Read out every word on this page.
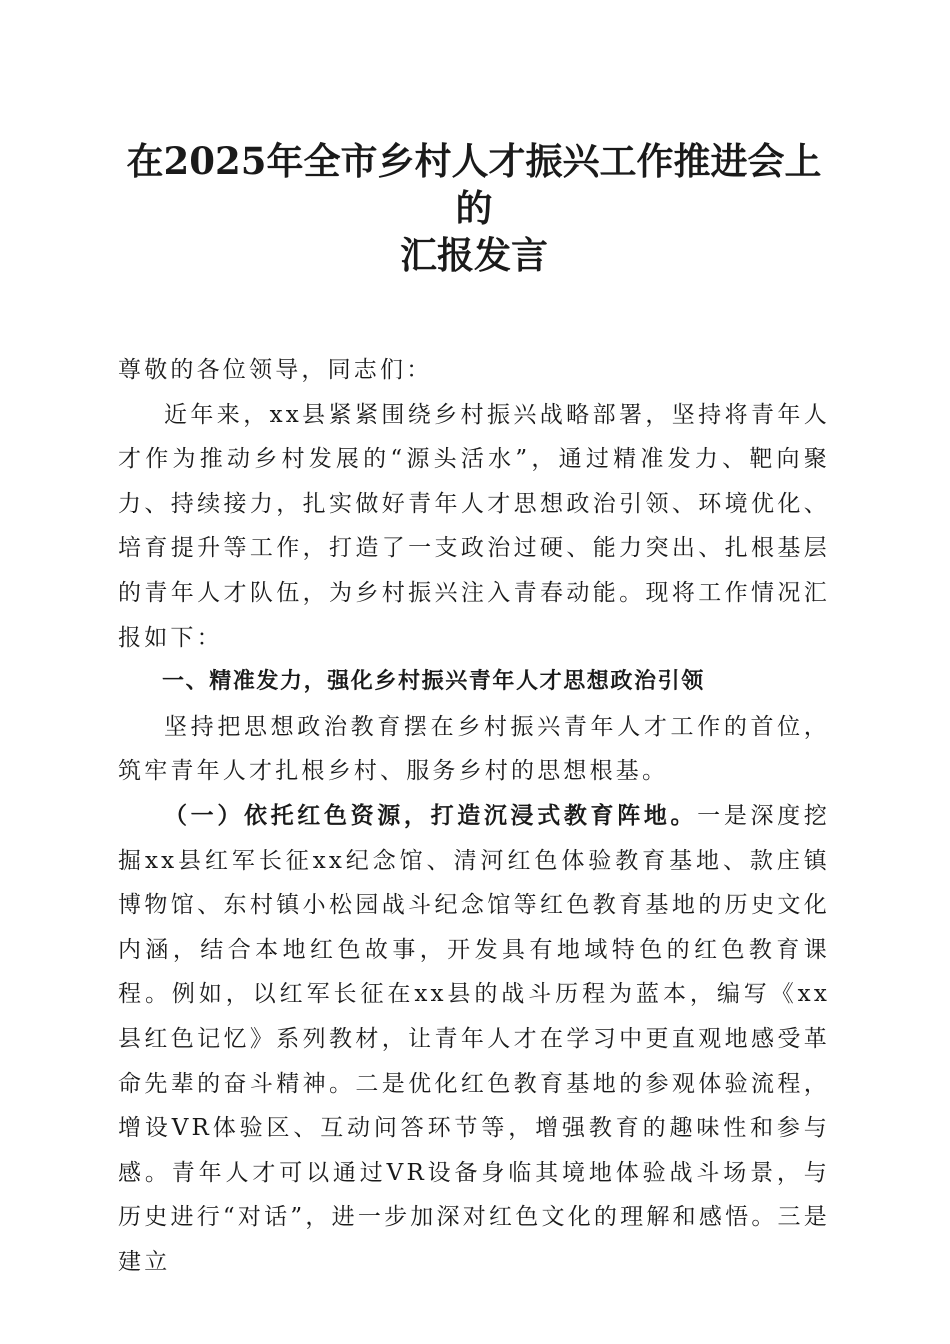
在2025年全市乡村人才振兴工作推进会上的
汇报发言

尊敬的各位领导，同志们：

近年来，xx县紧紧围绕乡村振兴战略部署，坚持将青年人才作为推动乡村发展的“源头活水”，通过精准发力、靶向聚力、持续接力，扎实做好青年人才思想政治引领、环境优化、培育提升等工作，打造了一支政治过硬、能力突出、扎根基层的青年人才队伍，为乡村振兴注入青春动能。现将工作情况汇报如下：

一、精准发力，强化乡村振兴青年人才思想政治引领

坚持把思想政治教育摆在乡村振兴青年人才工作的首位，筑牢青年人才扎根乡村、服务乡村的思想根基。

（一）依托红色资源，打造沉浸式教育阵地。一是深度挖掘xx县红军长征xx纪念馆、清河红色体验教育基地、款庄镇博物馆、东村镇小松园战斗纪念馆等红色教育基地的历史文化内涵，结合本地红色故事，开发具有地域特色的红色教育课程。例如，以红军长征在xx县的战斗历程为蓝本，编写《xx县红色记忆》系列教材，让青年人才在学习中更直观地感受革命先辈的奋斗精神。二是优化红色教育基地的参观体验流程，增设VR体验区、互动问答环节等，增强教育的趣味性和参与感。青年人才可以通过VR设备身临其境地体验战斗场景，与历史进行“对话”，进一步加深对红色文化的理解和感悟。三是建立
